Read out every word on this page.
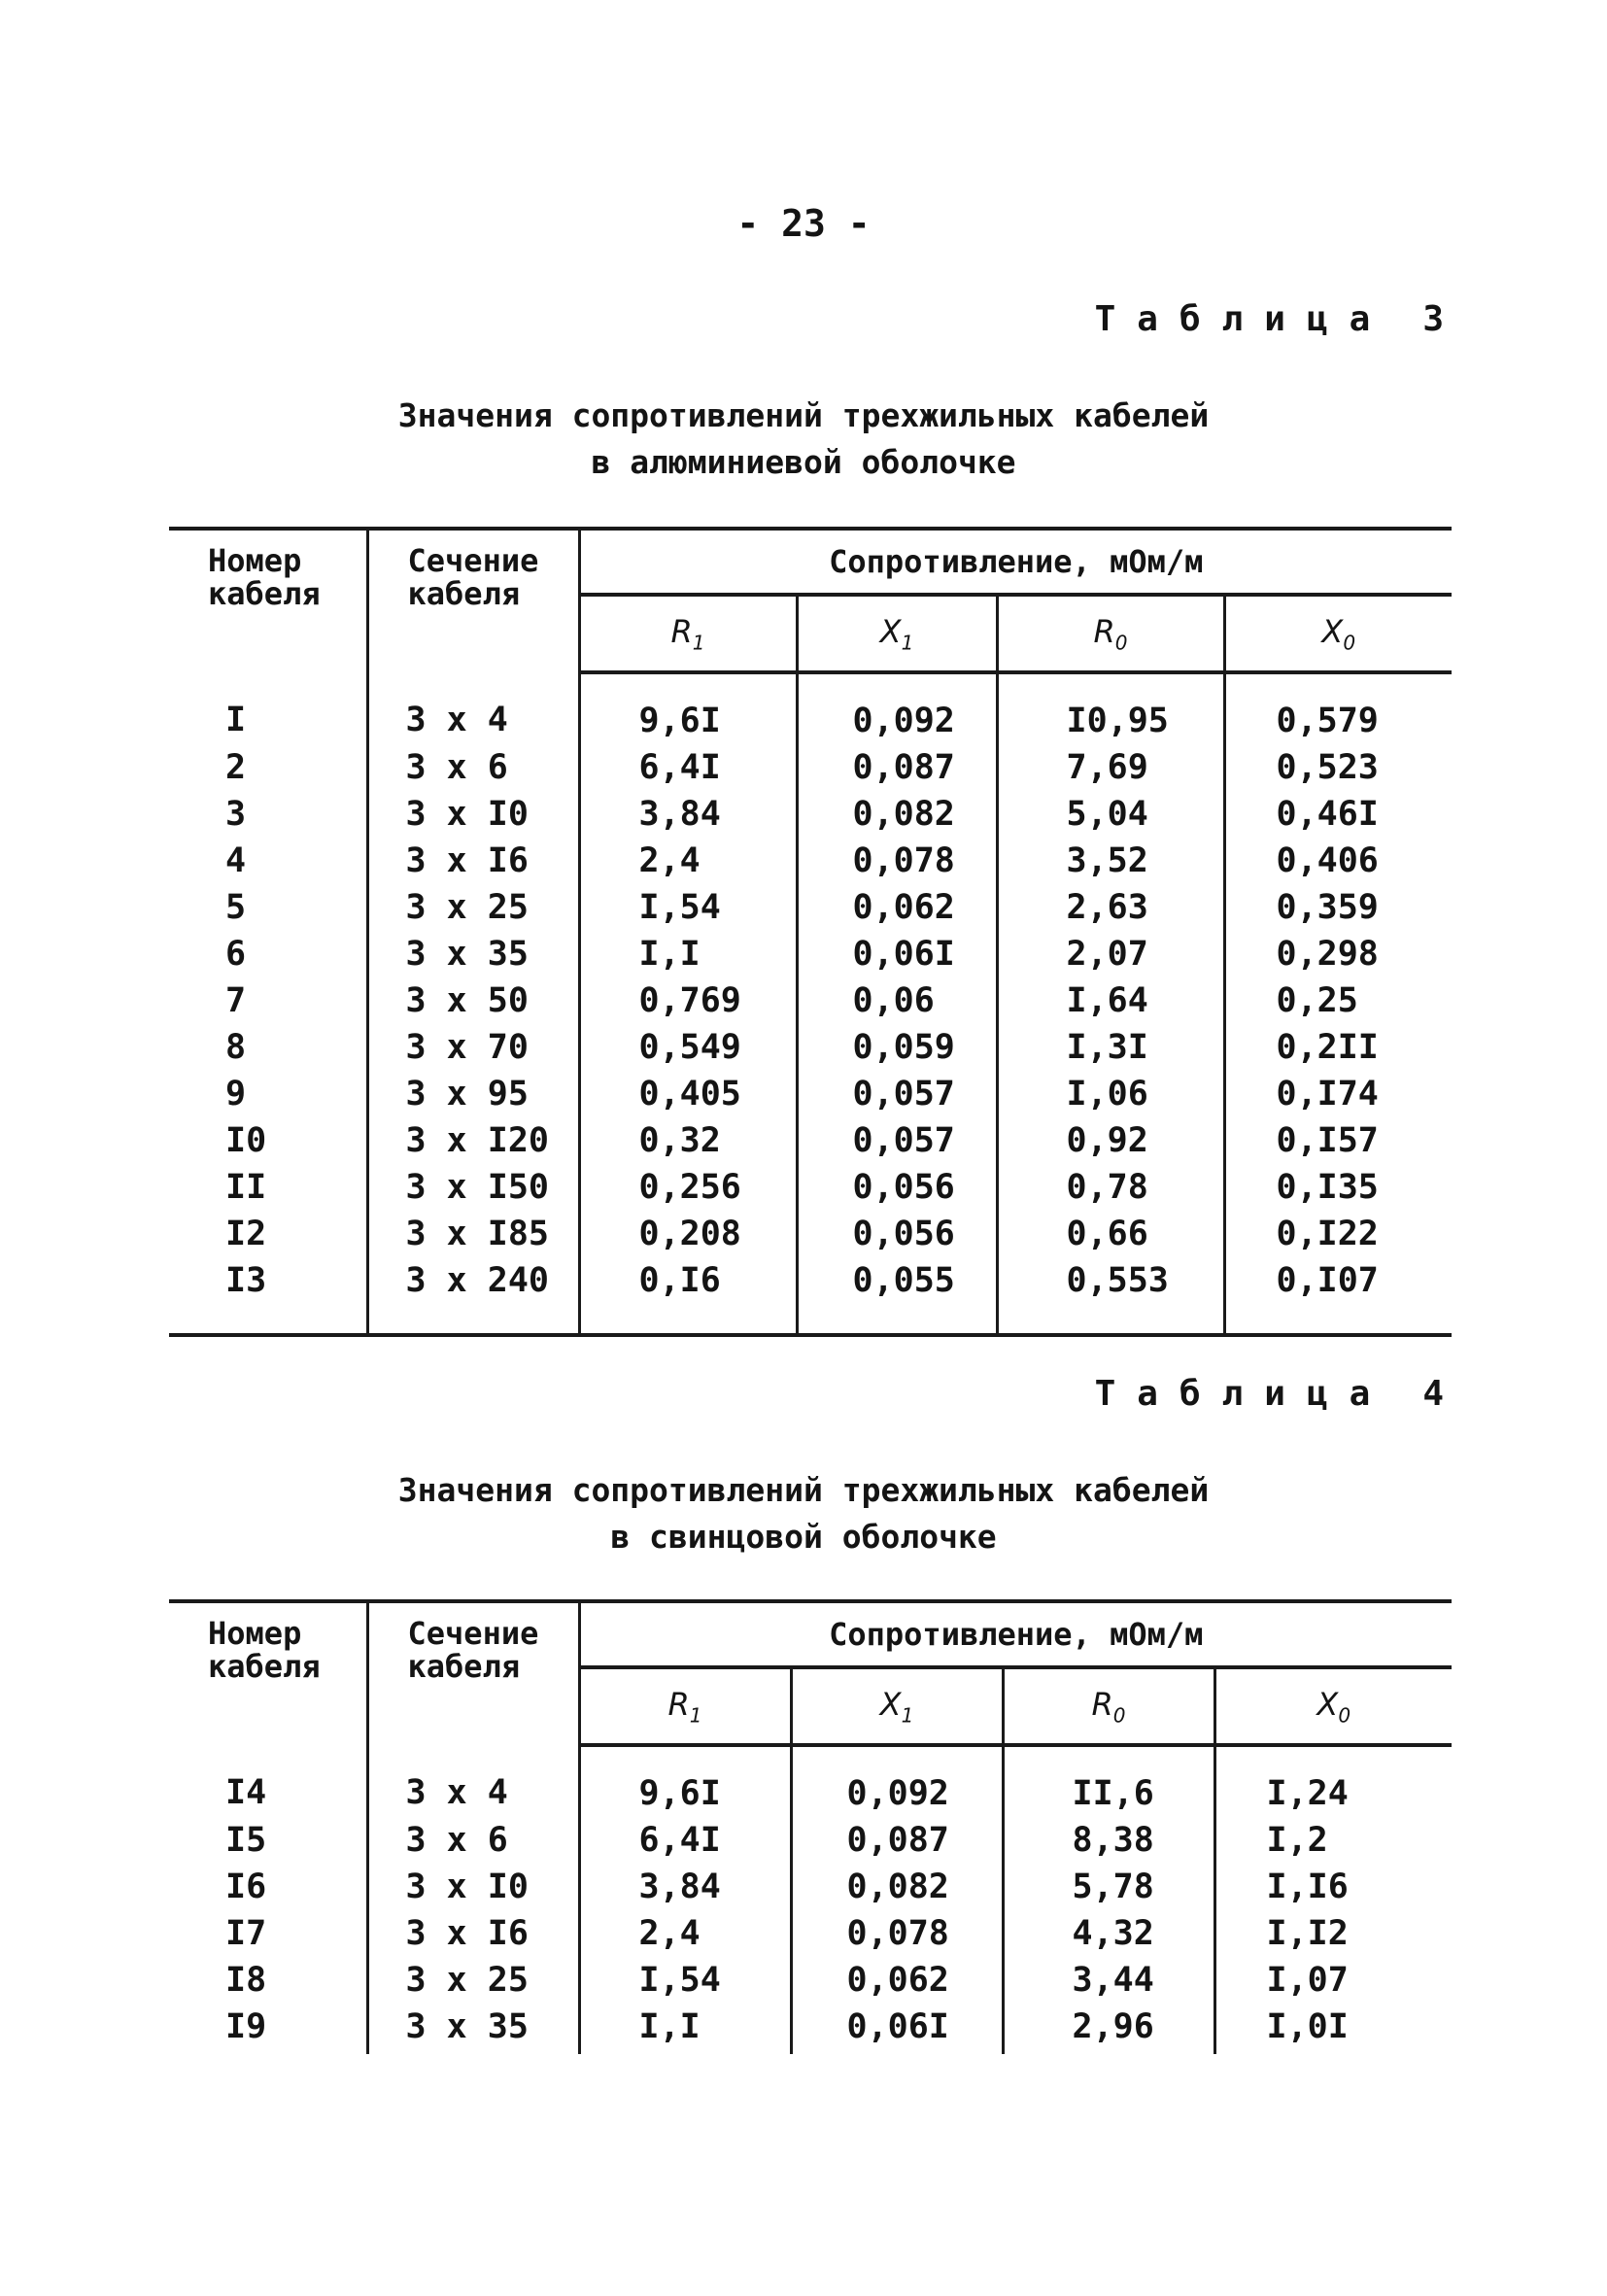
- 23 -
Таблица 3
Значения сопротивлений трехжильных кабелей
в алюминиевой оболочке
Номер кабеля	Сечение кабеля	Сопротивление, мОм/м			
		$R_1$	$X_1$	$R_0$	$X_0$
I	3 x 4	9,6I	0,092	I0,95	0,579
2	3 x 6	6,4I	0,087	7,69	0,523
3	3 x I0	3,84	0,082	5,04	0,46I
4	3 x I6	2,4	0,078	3,52	0,406
5	3 x 25	I,54	0,062	2,63	0,359
6	3 x 35	I,I	0,06I	2,07	0,298
7	3 x 50	0,769	0,06	I,64	0,25
8	3 x 70	0,549	0,059	I,3I	0,2II
9	3 x 95	0,405	0,057	I,06	0,I74
I0	3 x I20	0,32	0,057	0,92	0,I57
II	3 x I50	0,256	0,056	0,78	0,I35
I2	3 x I85	0,208	0,056	0,66	0,I22
I3	3 x 240	0,I6	0,055	0,553	0,I07
Таблица 4
Значения сопротивлений трехжильных кабелей
в свинцовой оболочке
Номер кабеля	Сечение кабеля	Сопротивление, мОм/м			
		$R_1$	$X_1$	$R_0$	$X_0$
I4	3 x 4	9,6I	0,092	II,6	I,24
I5	3 x 6	6,4I	0,087	8,38	I,2
I6	3 x I0	3,84	0,082	5,78	I,I6
I7	3 x I6	2,4	0,078	4,32	I,I2
I8	3 x 25	I,54	0,062	3,44	I,07
I9	3 x 35	I,I	0,06I	2,96	I,0I
